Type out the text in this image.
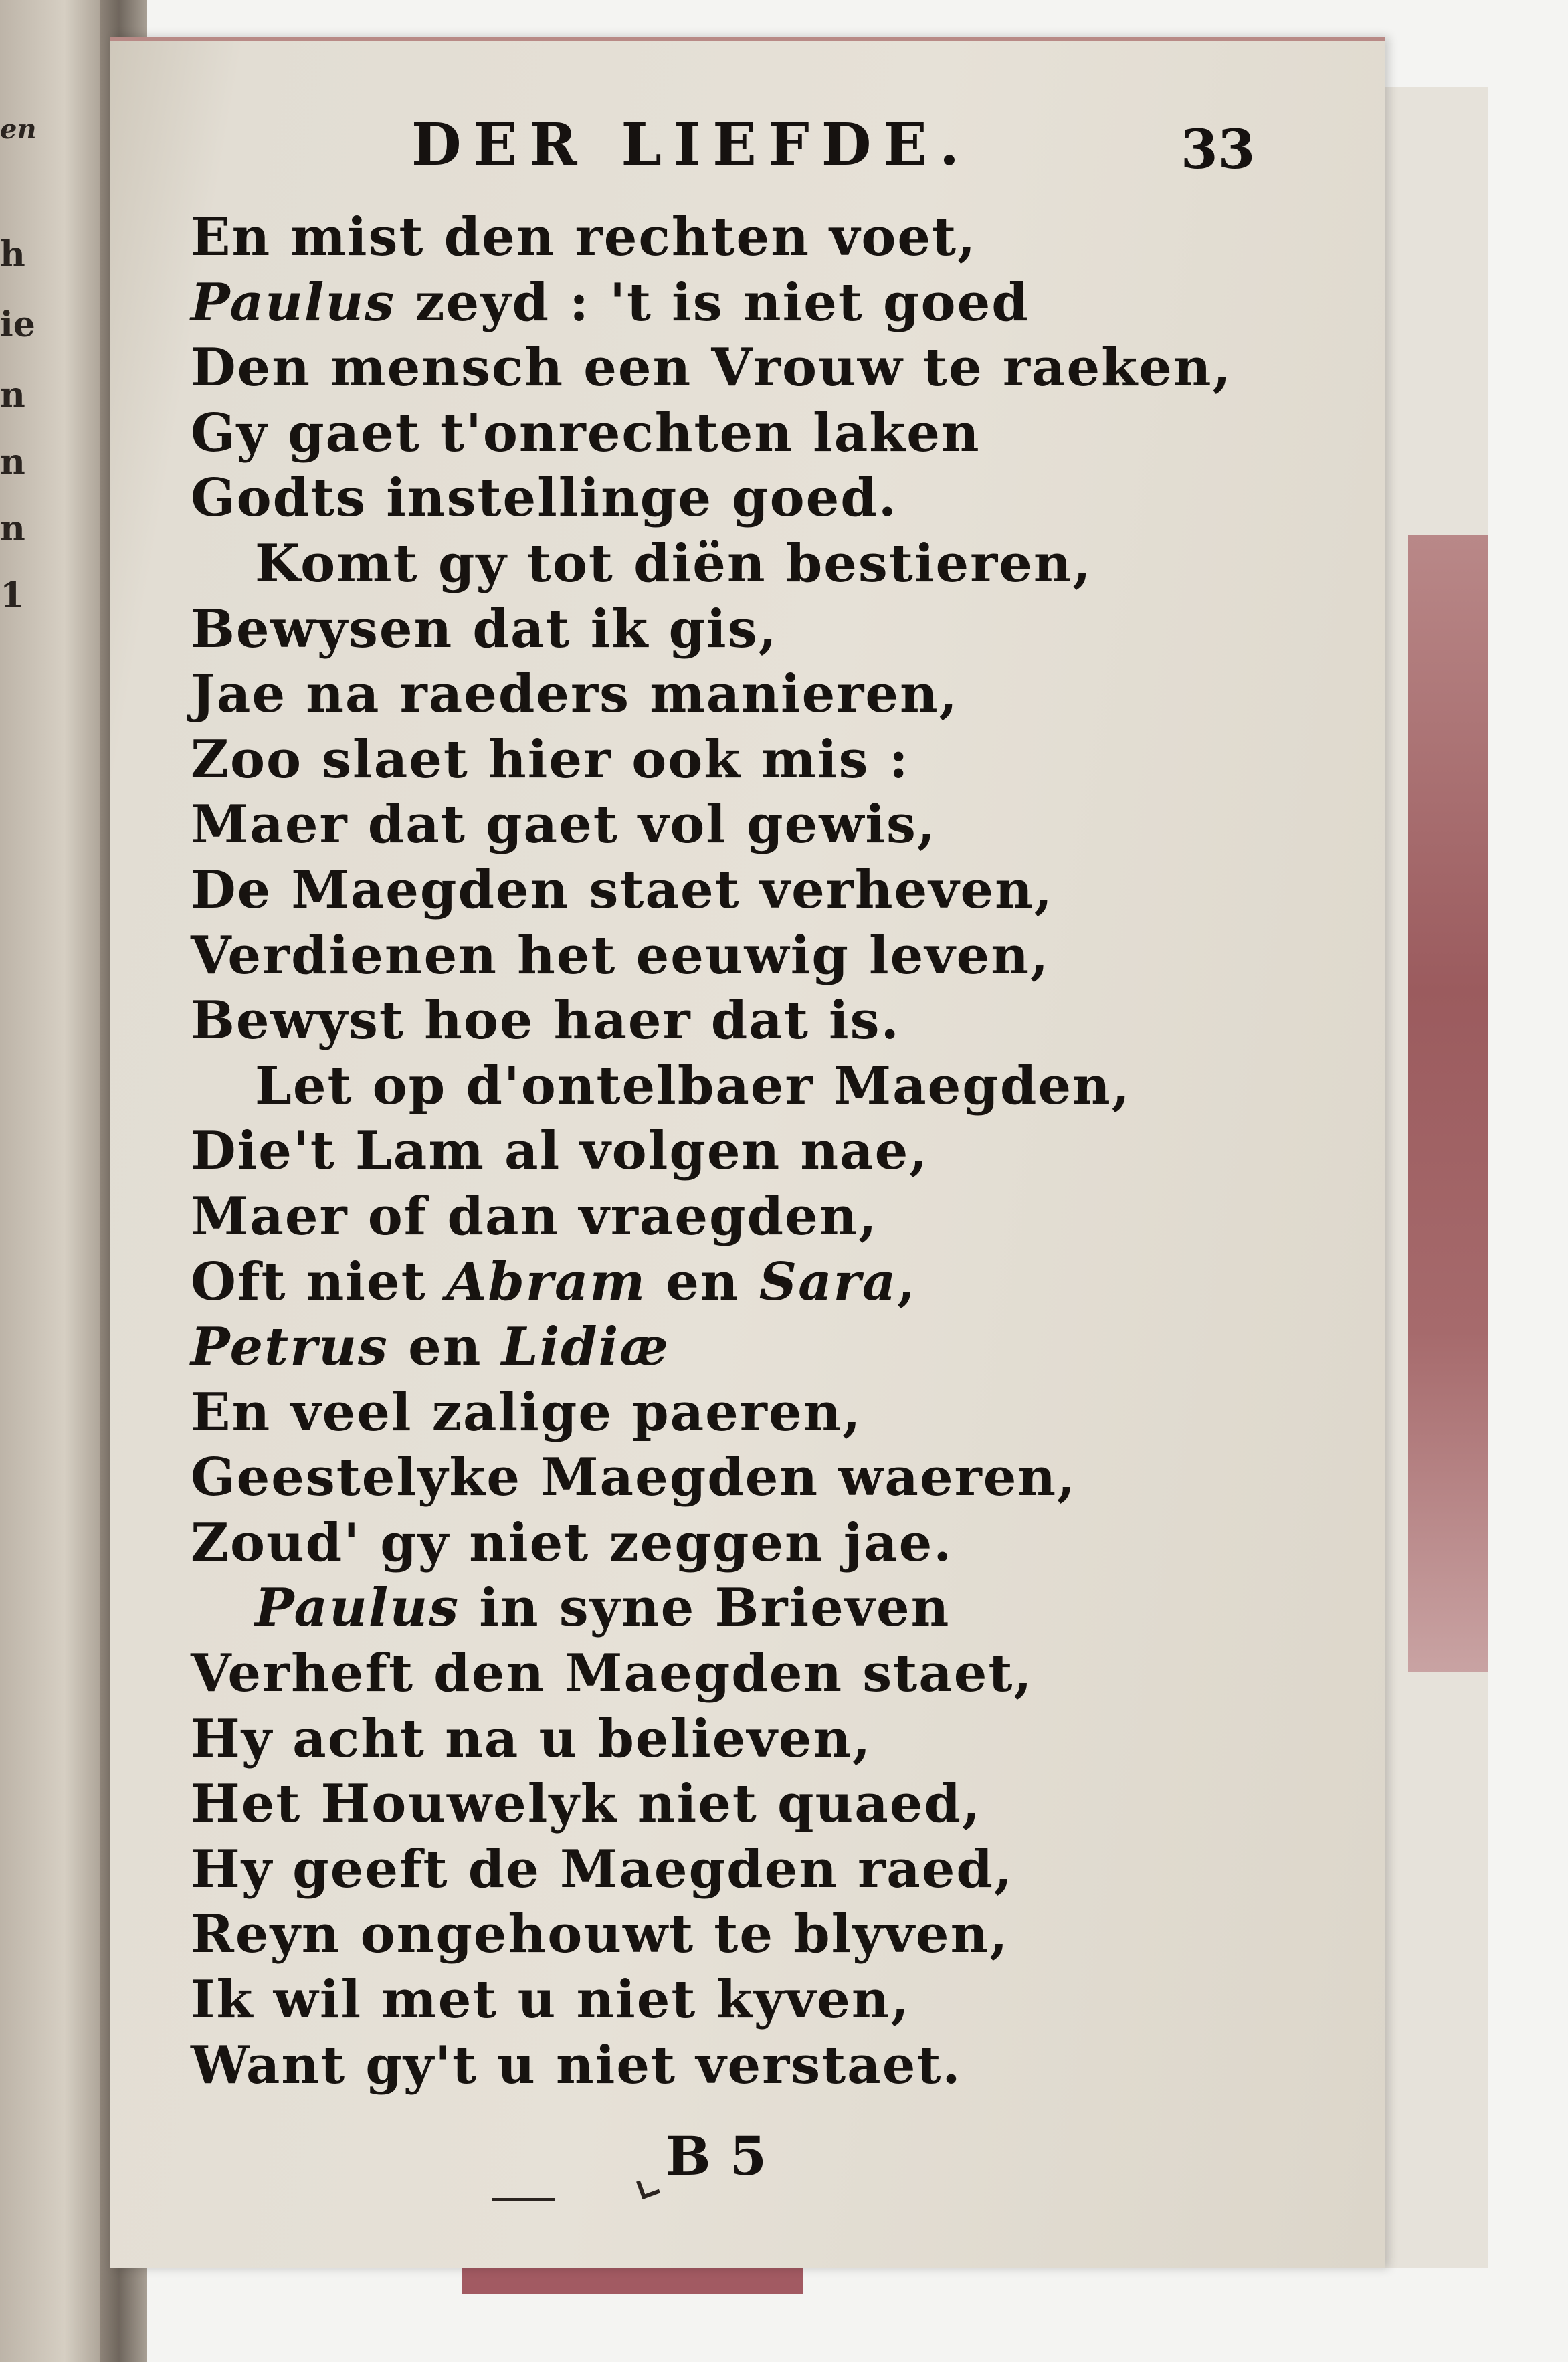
en
h
ie
n
n
n
1
DER LIEFDE.	33
En mist den rechten voet,
Paulus zeyd : 't is niet goed
Den mensch een Vrouw te raeken,
Gy gaet t'onrechten laken
Godts instellinge goed.
Komt gy tot diën bestieren,
Bewysen dat ik gis,
Jae na raeders manieren,
Zoo slaet hier ook mis :
Maer dat gaet vol gewis,
De Maegden staet verheven,
Verdienen het eeuwig leven,
Bewyst hoe haer dat is.
Let op d'ontelbaer Maegden,
Die't Lam al volgen nae,
Maer of dan vraegden,
Oft niet Abram en Sara,
Petrus en Lidiæ
En veel zalige paeren,
Geestelyke Maegden waeren,
Zoud' gy niet zeggen jae.
Paulus in syne Brieven
Verheft den Maegden staet,
Hy acht na u believen,
Het Houwelyk niet quaed,
Hy geeft de Maegden raed,
Reyn ongehouwt te blyven,
Ik wil met u niet kyven,
Want gy't u niet verstaet.
B 5
